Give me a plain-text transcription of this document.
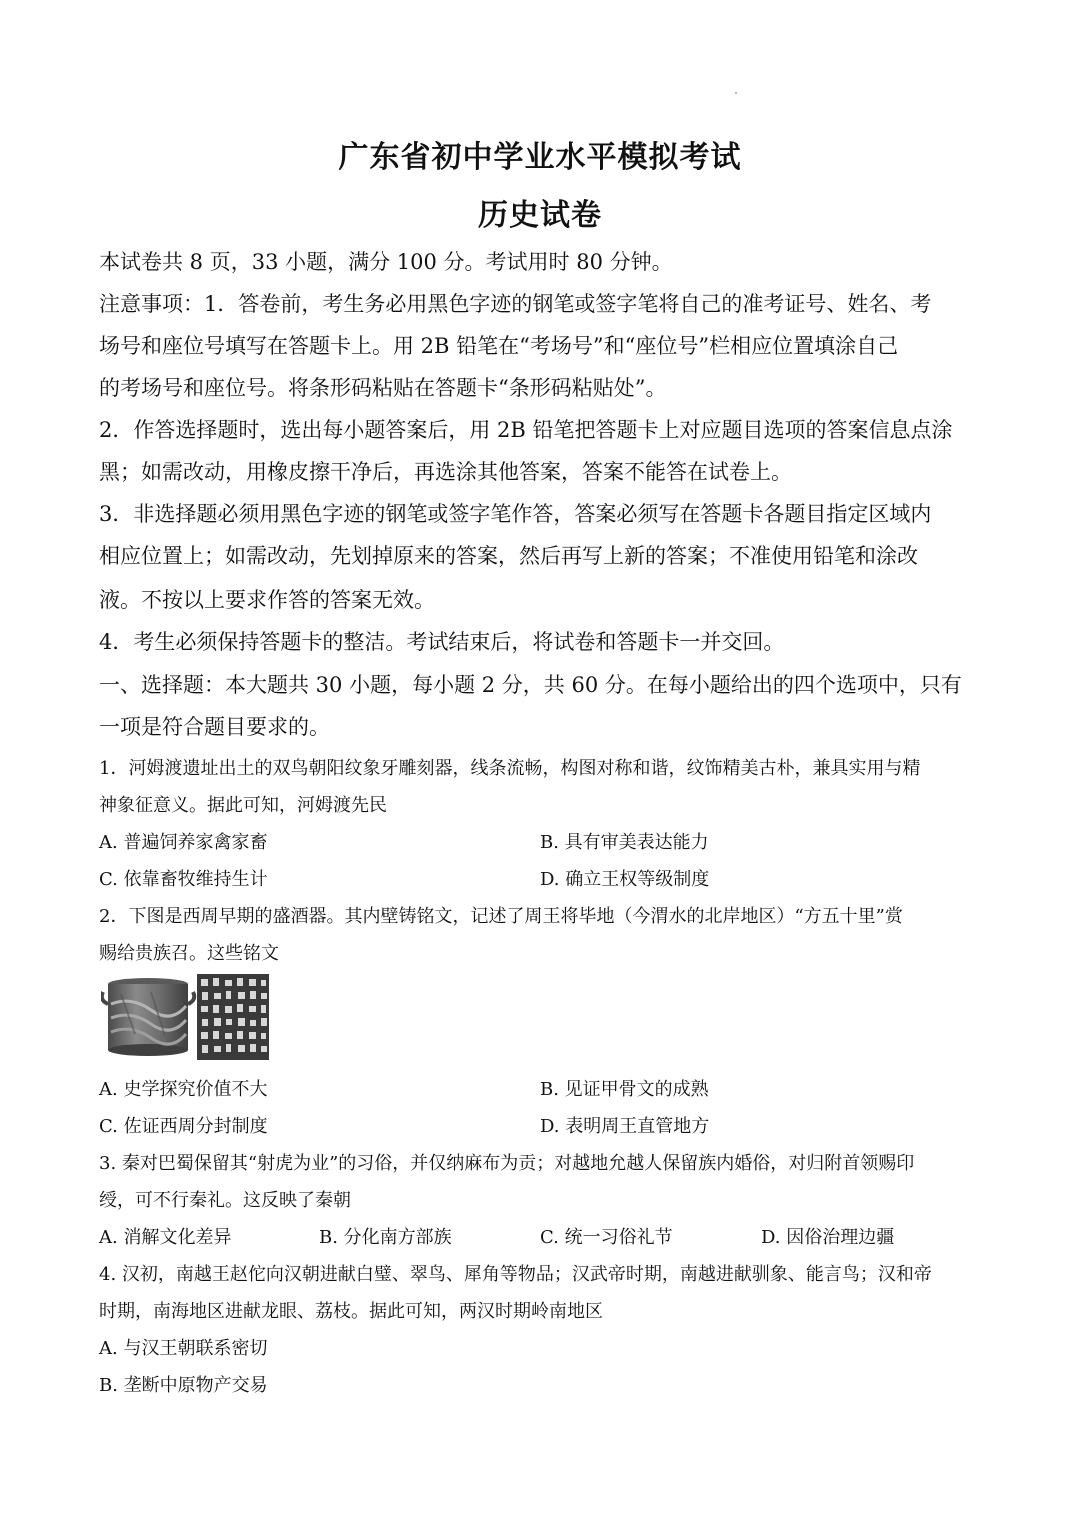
广东省初中学业水平模拟考试
历史试卷
本试卷共 8 页，33 小题，满分 100 分。考试用时 80 分钟。
注意事项：1．答卷前，考生务必用黑色字迹的钢笔或签字笔将自己的准考证号、姓名、考
场号和座位号填写在答题卡上。用 2B 铅笔在“考场号”和“座位号”栏相应位置填涂自己
的考场号和座位号。将条形码粘贴在答题卡“条形码粘贴处”。
2．作答选择题时，选出每小题答案后，用 2B 铅笔把答题卡上对应题目选项的答案信息点涂
黑；如需改动，用橡皮擦干净后，再选涂其他答案，答案不能答在试卷上。
3．非选择题必须用黑色字迹的钢笔或签字笔作答，答案必须写在答题卡各题目指定区域内
相应位置上；如需改动，先划掉原来的答案，然后再写上新的答案；不准使用铅笔和涂改
液。不按以上要求作答的答案无效。
4．考生必须保持答题卡的整洁。考试结束后，将试卷和答题卡一并交回。
一、选择题：本大题共 30 小题，每小题 2 分，共 60 分。在每小题给出的四个选项中，只有
一项是符合题目要求的。
1．河姆渡遗址出土的双鸟朝阳纹象牙雕刻器，线条流畅，构图对称和谐，纹饰精美古朴，兼具实用与精
神象征意义。据此可知，河姆渡先民
A. 普遍饲养家禽家畜	B. 具有审美表达能力
C. 依靠畜牧维持生计	D. 确立王权等级制度
2．下图是西周早期的盛酒器。其内壁铸铭文，记述了周王将毕地（今渭水的北岸地区）“方五十里”赏
赐给贵族召。这些铭文
A. 史学探究价值不大	B. 见证甲骨文的成熟
C. 佐证西周分封制度	D. 表明周王直管地方
3. 秦对巴蜀保留其“射虎为业”的习俗，并仅纳麻布为贡；对越地允越人保留族内婚俗，对归附首领赐印
绶，可不行秦礼。这反映了秦朝
A. 消解文化差异	B. 分化南方部族	C. 统一习俗礼节	D. 因俗治理边疆
4. 汉初，南越王赵佗向汉朝进献白璧、翠鸟、犀角等物品；汉武帝时期，南越进献驯象、能言鸟；汉和帝
时期，南海地区进献龙眼、荔枝。据此可知，两汉时期岭南地区
A. 与汉王朝联系密切
B. 垄断中原物产交易
